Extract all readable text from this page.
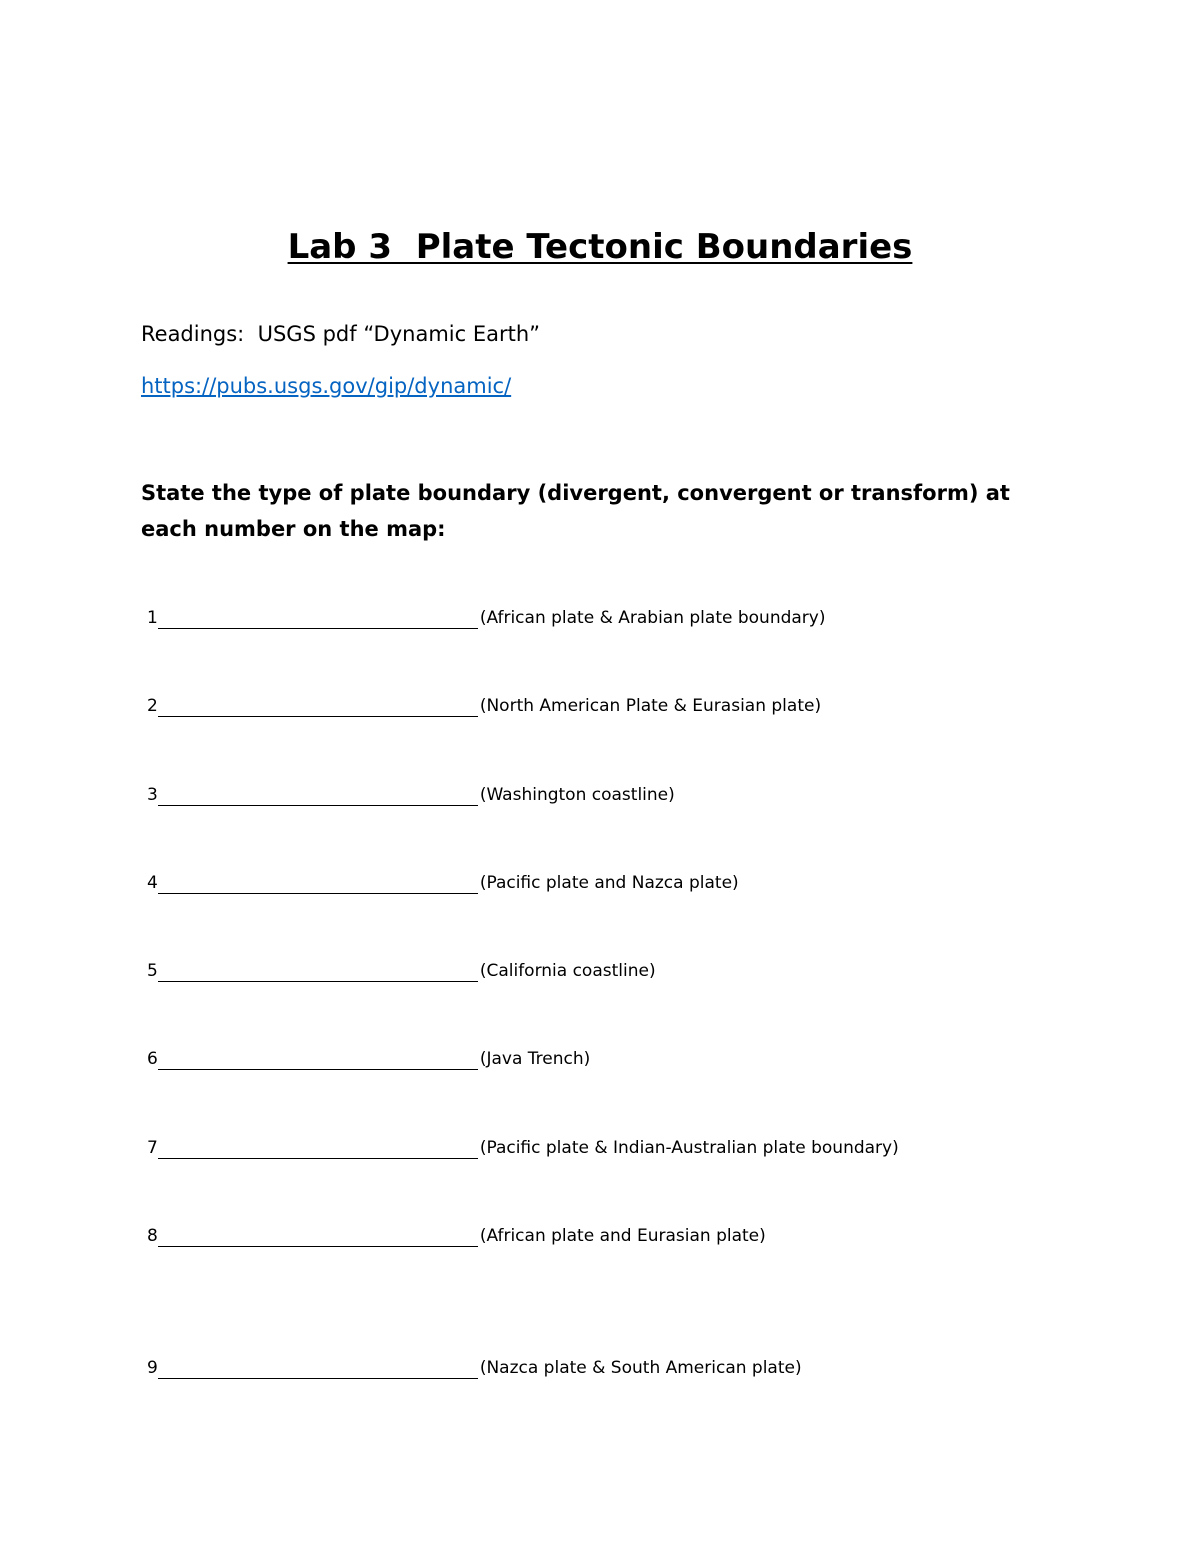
Lab 3  Plate Tectonic Boundaries
Readings:  USGS pdf “Dynamic Earth”
https://pubs.usgs.gov/gip/dynamic/
State the type of plate boundary (divergent, convergent or transform) at each number on the map:
1	(African plate & Arabian plate boundary)
2	(North American Plate & Eurasian plate)
3	(Washington coastline)
4	(Pacific plate and Nazca plate)
5	(California coastline)
6	(Java Trench)
7	(Pacific plate & Indian-Australian plate boundary)
8	(African plate and Eurasian plate)
9	(Nazca plate & South American plate)
